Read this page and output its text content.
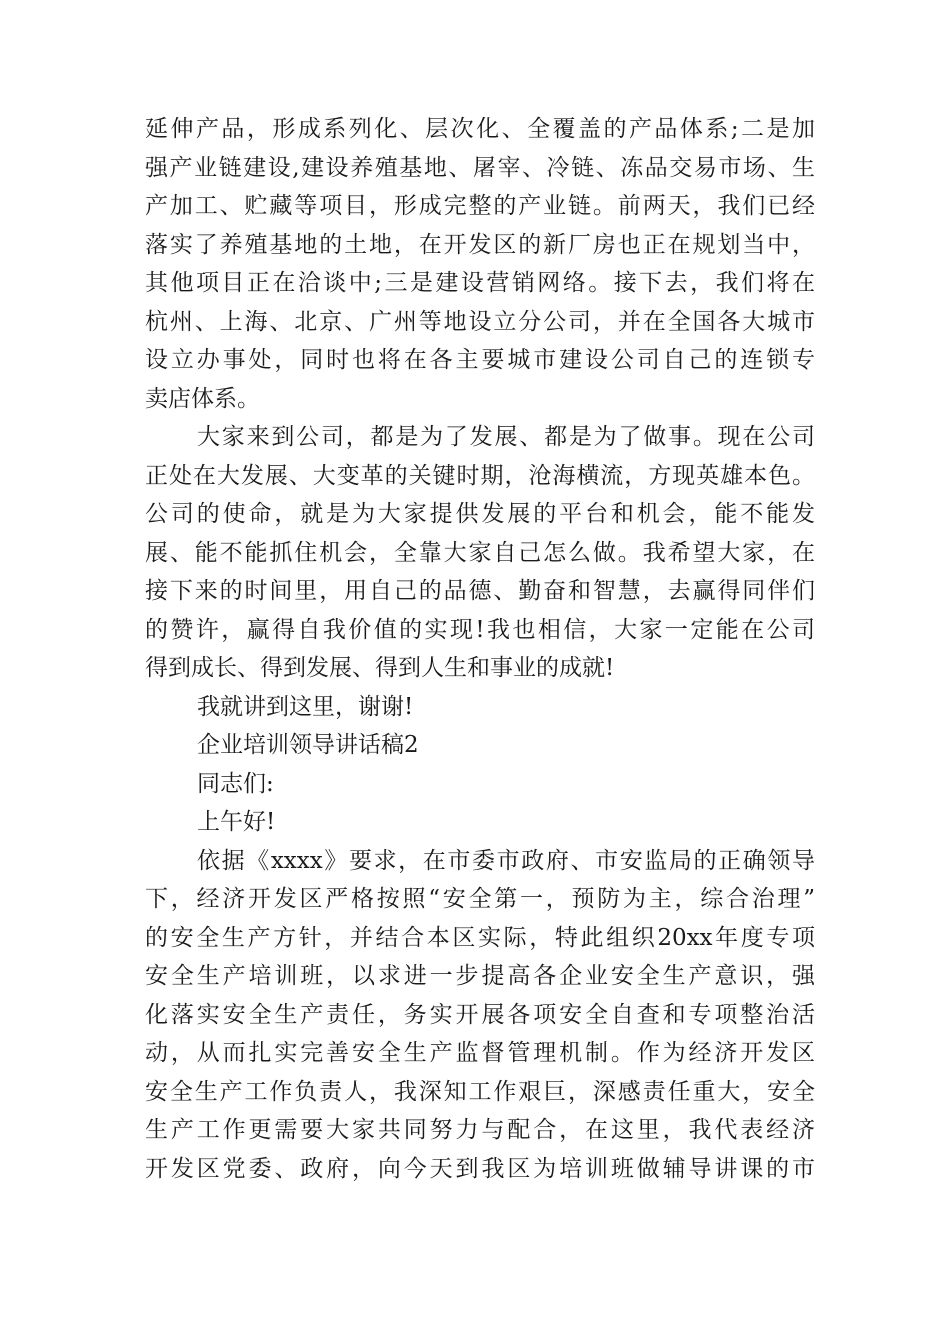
延伸产品，形成系列化、层次化、全覆盖的产品体系;二是加
强产业链建设,建设养殖基地、屠宰、冷链、冻品交易市场、生
产加工、贮藏等项目，形成完整的产业链。前两天，我们已经
落实了养殖基地的土地，在开发区的新厂房也正在规划当中，
其他项目正在洽谈中;三是建设营销网络。接下去，我们将在
杭州、上海、北京、广州等地设立分公司，并在全国各大城市
设立办事处，同时也将在各主要城市建设公司自己的连锁专
卖店体系。
大家来到公司，都是为了发展、都是为了做事。现在公司
正处在大发展、大变革的关键时期，沧海横流，方现英雄本色。
公司的使命，就是为大家提供发展的平台和机会，能不能发
展、能不能抓住机会，全靠大家自己怎么做。我希望大家，在
接下来的时间里，用自己的品德、勤奋和智慧，去赢得同伴们
的赞许，赢得自我价值的实现!我也相信，大家一定能在公司
得到成长、得到发展、得到人生和事业的成就!
我就讲到这里，谢谢!
企业培训领导讲话稿2
同志们:
上午好!
依据《xxxx》要求，在市委市政府、市安监局的正确领导
下，经济开发区严格按照“安全第一，预防为主，综合治理”
的安全生产方针，并结合本区实际，特此组织20xx年度专项
安全生产培训班，以求进一步提高各企业安全生产意识，强
化落实安全生产责任，务实开展各项安全自查和专项整治活
动，从而扎实完善安全生产监督管理机制。作为经济开发区
安全生产工作负责人，我深知工作艰巨，深感责任重大，安全
生产工作更需要大家共同努力与配合，在这里，我代表经济
开发区党委、政府，向今天到我区为培训班做辅导讲课的市
